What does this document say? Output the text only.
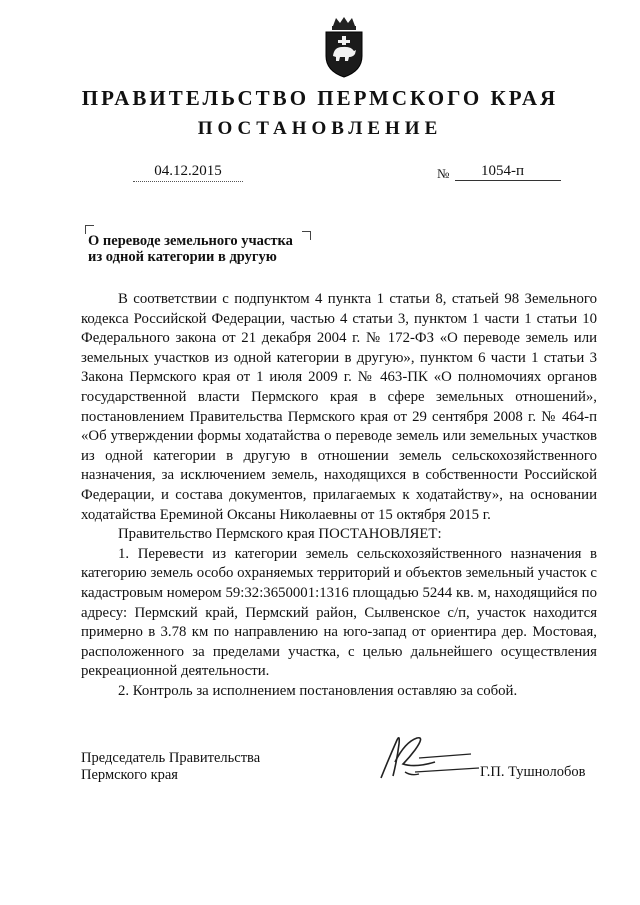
ПРАВИТЕЛЬСТВО ПЕРМСКОГО КРАЯ
ПОСТАНОВЛЕНИЕ
04.12.2015	№	1054-п
О переводе земельного участка
из одной категории в другую

В соответствии с подпунктом 4 пункта 1 статьи 8, статьей 98 Земельного кодекса Российской Федерации, частью 4 статьи 3, пунктом 1 части 1 статьи 10 Федерального закона от 21 декабря 2004 г. № 172-ФЗ «О переводе земель или земельных участков из одной категории в другую», пунктом 6 части 1 статьи 3 Закона Пермского края от 1 июля 2009 г. № 463-ПК «О полномочиях органов государственной власти Пермского края в сфере земельных отношений», постановлением Правительства Пермского края от 29 сентября 2008 г. № 464-п «Об утверждении формы ходатайства о переводе земель или земельных участков из одной категории в другую в отношении земель сельскохозяйственного назначения, за исключением земель, находящихся в собственности Российской Федерации, и состава документов, прилагаемых к ходатайству», на основании ходатайства Ереминой Оксаны Николаевны от 15 октября 2015 г.

Правительство Пермского края ПОСТАНОВЛЯЕТ:

1. Перевести из категории земель сельскохозяйственного назначения в категорию земель особо охраняемых территорий и объектов земельный участок с кадастровым номером 59:32:3650001:1316 площадью 5244 кв. м, находящийся по адресу: Пермский край, Пермский район, Сылвенское с/п, участок находится примерно в 3.78 км по направлению на юго-запад от ориентира дер. Мостовая, расположенного за пределами участка, с целью дальнейшего осуществления рекреационной деятельности.

2. Контроль за исполнением постановления оставляю за собой.

Председатель Правительства
Пермского края	Г.П. Тушнолобов
